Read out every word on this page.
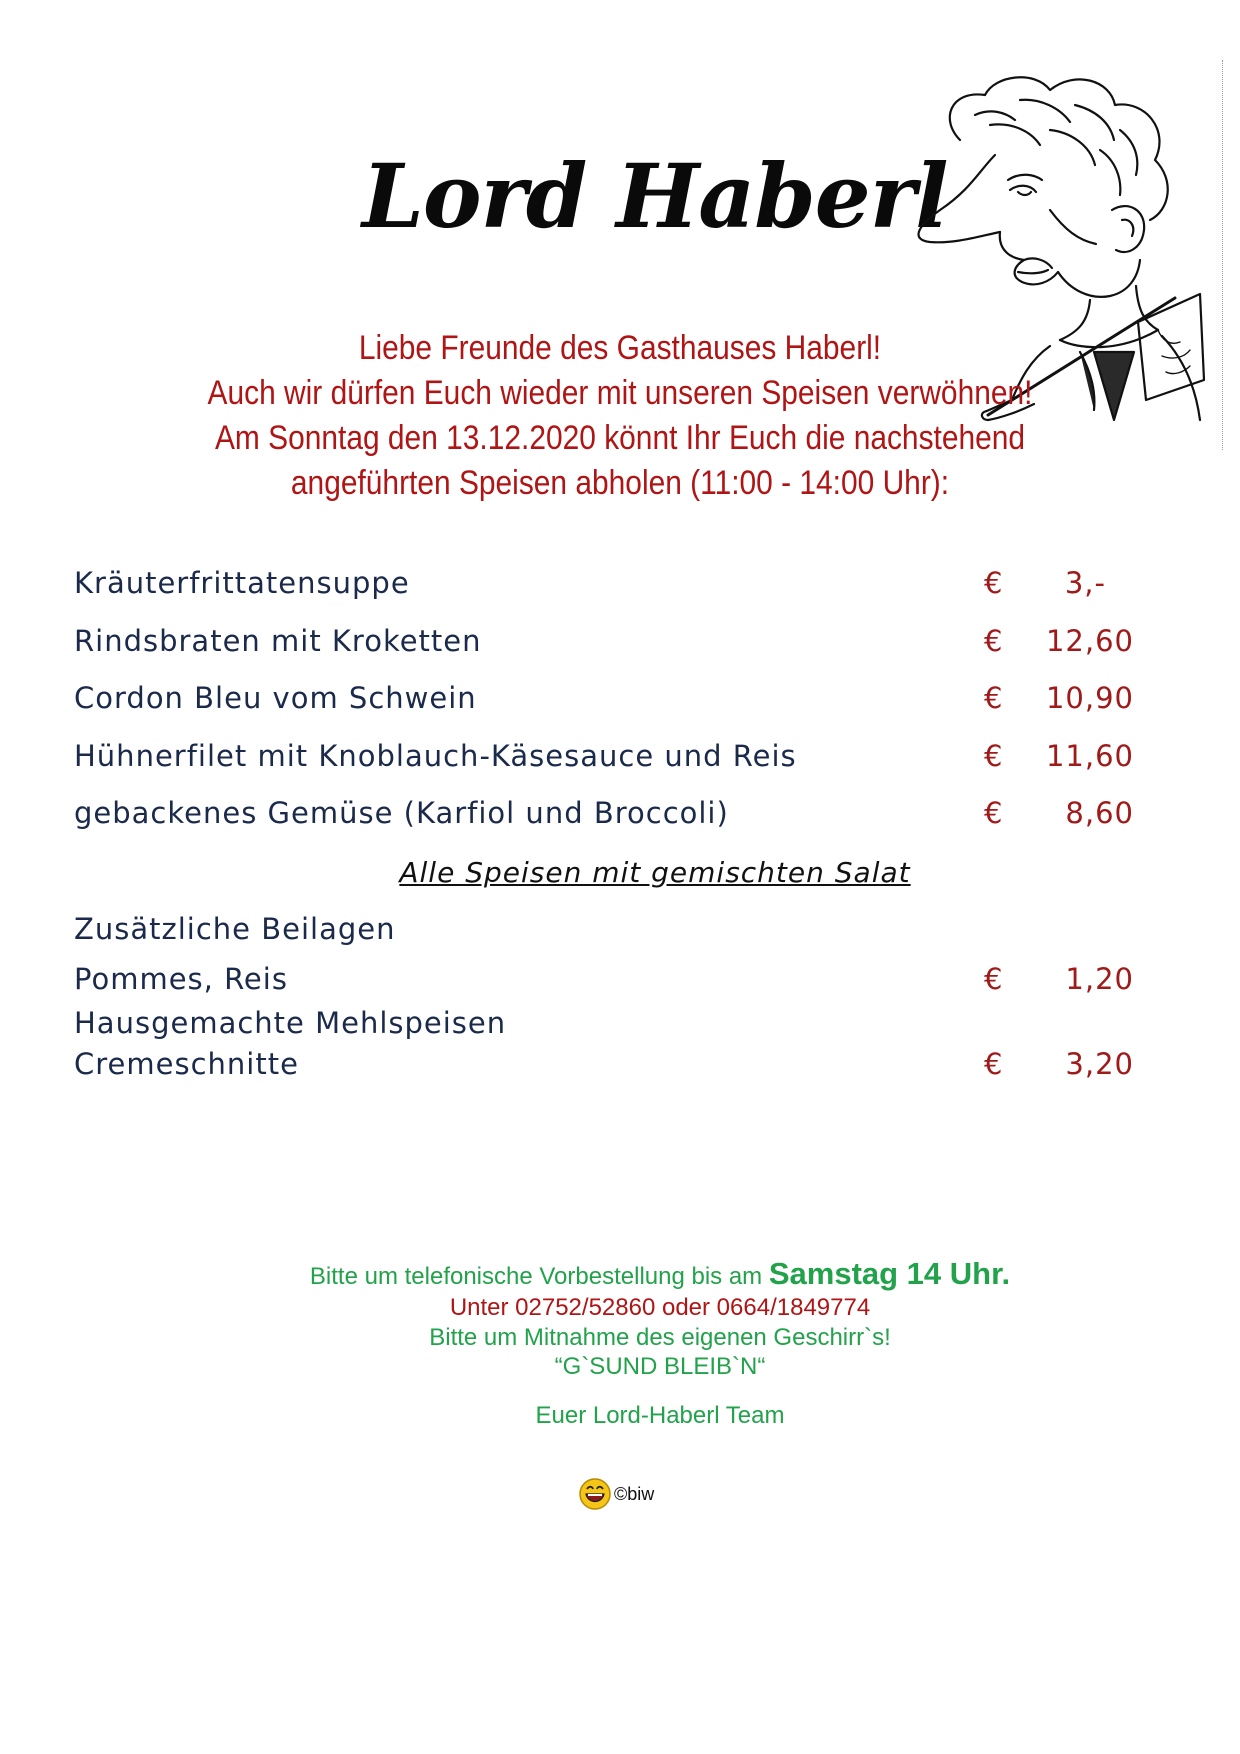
Lord Haberl
Liebe Freunde des Gasthauses Haberl!
Auch wir dürfen Euch wieder mit unseren Speisen verwöhnen!
Am Sonntag den 13.12.2020 könnt Ihr Euch die nachstehend
angeführten Speisen abholen (11:00 - 14:00 Uhr):
Kräuterfrittatensuppe	€	3,-
Rindsbraten mit Kroketten	€	12,60
Cordon Bleu vom Schwein	€	10,90
Hühnerfilet mit Knoblauch-Käsesauce und Reis	€	11,60
gebackenes Gemüse (Karfiol und Broccoli)	€	8,60
Zusätzliche Beilagen
Pommes, Reis	€	1,20
Hausgemachte Mehlspeisen
Cremeschnitte	€	3,20
Alle Speisen mit gemischten Salat
Bitte um telefonische Vorbestellung bis am Samstag 14 Uhr.
Unter 02752/52860 oder 0664/1849774
Bitte um Mitnahme des eigenen Geschirr`s!
“G`SUND BLEIB`N“
Euer Lord-Haberl Team
©biw
